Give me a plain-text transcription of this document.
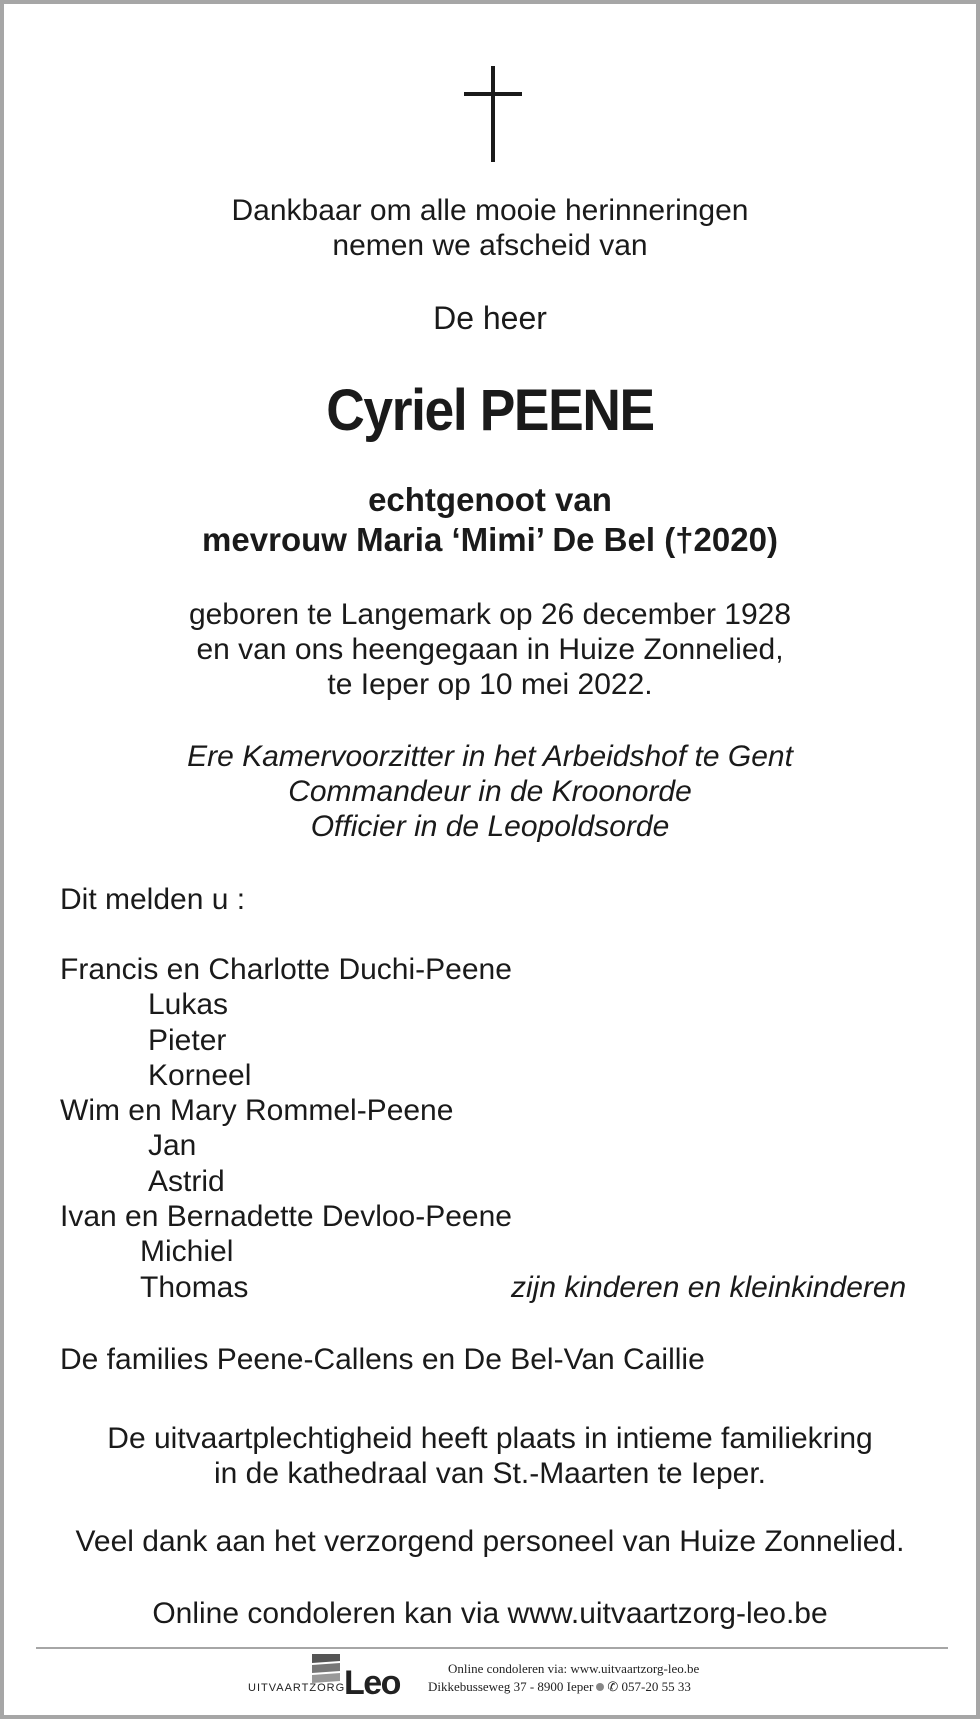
Dankbaar om alle mooie herinneringen
nemen we afscheid van
De heer
Cyriel PEENE
echtgenoot van
mevrouw Maria ‘Mimi’ De Bel (†2020)
geboren te Langemark op 26 december 1928
en van ons heengegaan in Huize Zonnelied,
te Ieper op 10 mei 2022.
Ere Kamervoorzitter in het Arbeidshof te Gent
Commandeur in de Kroonorde
Officier in de Leopoldsorde
Dit melden u :
Francis en Charlotte Duchi-Peene
Lukas
Pieter
Korneel
Wim en Mary Rommel-Peene
Jan
Astrid
Ivan en Bernadette Devloo-Peene
Michiel
Thomas	zijn kinderen en kleinkinderen
De families Peene-Callens en De Bel-Van Caillie
De uitvaartplechtigheid heeft plaats in intieme familiekring
in de kathedraal van St.-Maarten te Ieper.
Veel dank aan het verzorgend personeel van Huize Zonnelied.
Online condoleren kan via www.uitvaartzorg-leo.be
UITVAARTZORG
Leo	Online condoleren via: www.uitvaartzorg-leo.be
Dikkebusseweg 37 - 8900 Ieper ✆ 057-20 55 33
